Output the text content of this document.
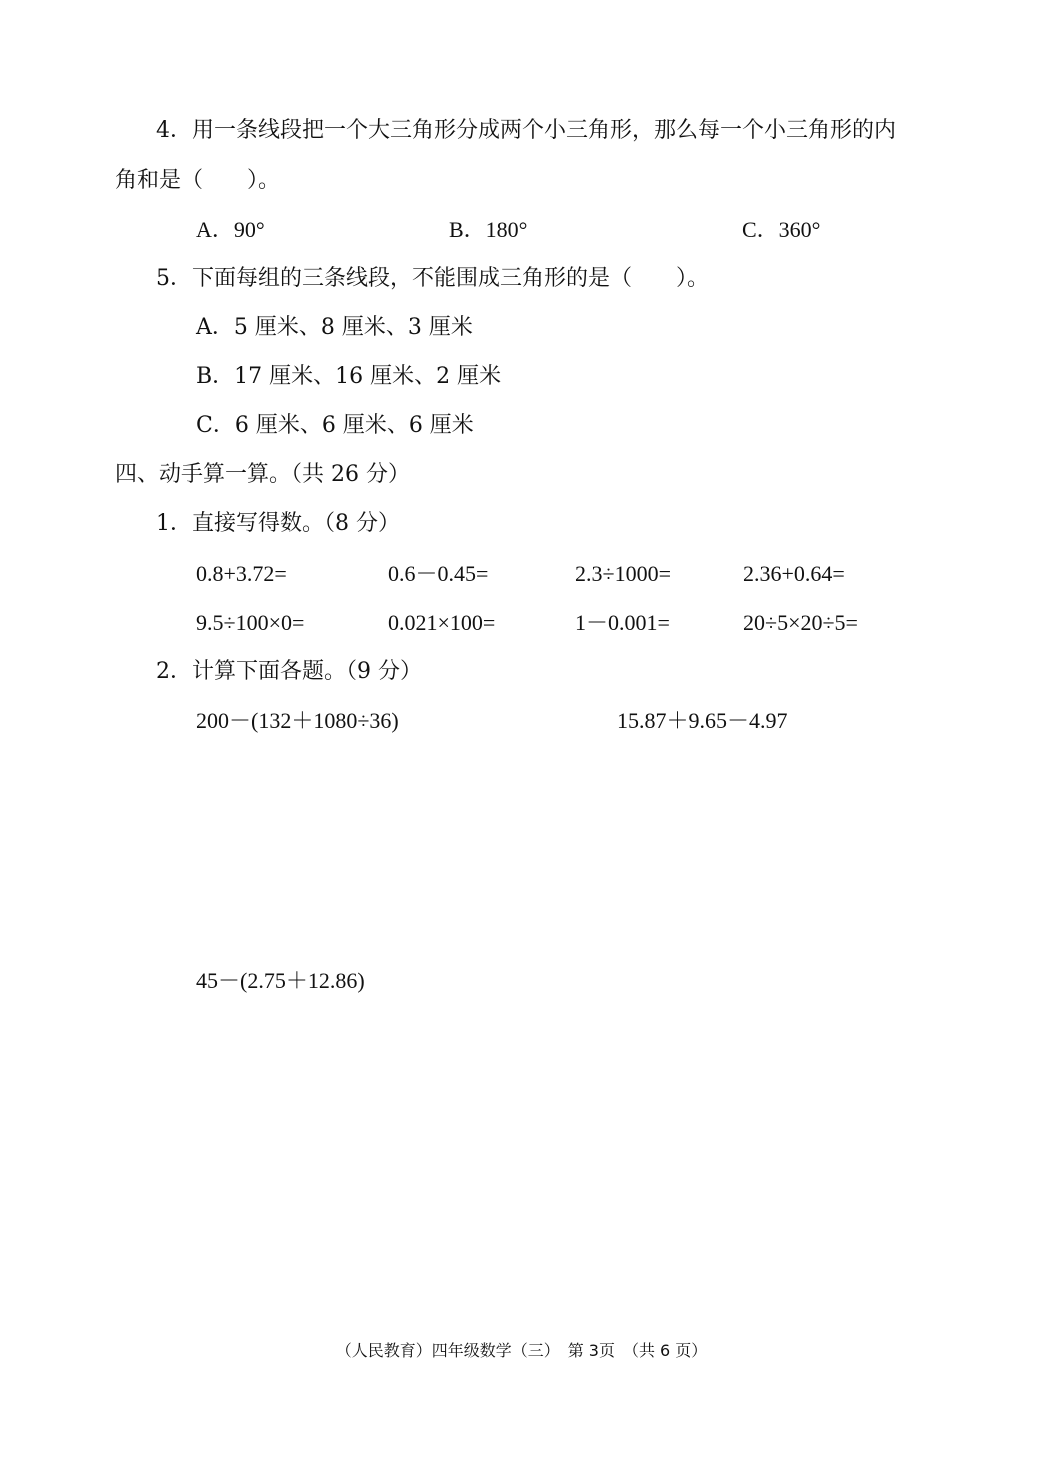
4．用一条线段把一个大三角形分成两个小三角形，那么每一个小三角形的内
角和是（　　）。
A．90°	B．180°	C．360°
5．下面每组的三条线段，不能围成三角形的是（　　）。
A．5 厘米、8 厘米、3 厘米
B．17 厘米、16 厘米、2 厘米
C．6 厘米、6 厘米、6 厘米
四、动手算一算。（共 26 分）
1．直接写得数。（8 分）
0.8+3.72=	0.6－0.45=	2.3÷1000=	2.36+0.64=
9.5÷100×0=	0.021×100=	1－0.001=	20÷5×20÷5=
2．计算下面各题。（9 分）
200－(132＋1080÷36)	15.87＋9.65－4.97
45－(2.75＋12.86)
（人民教育）四年级数学（三）　第 3页　（共 6 页）
